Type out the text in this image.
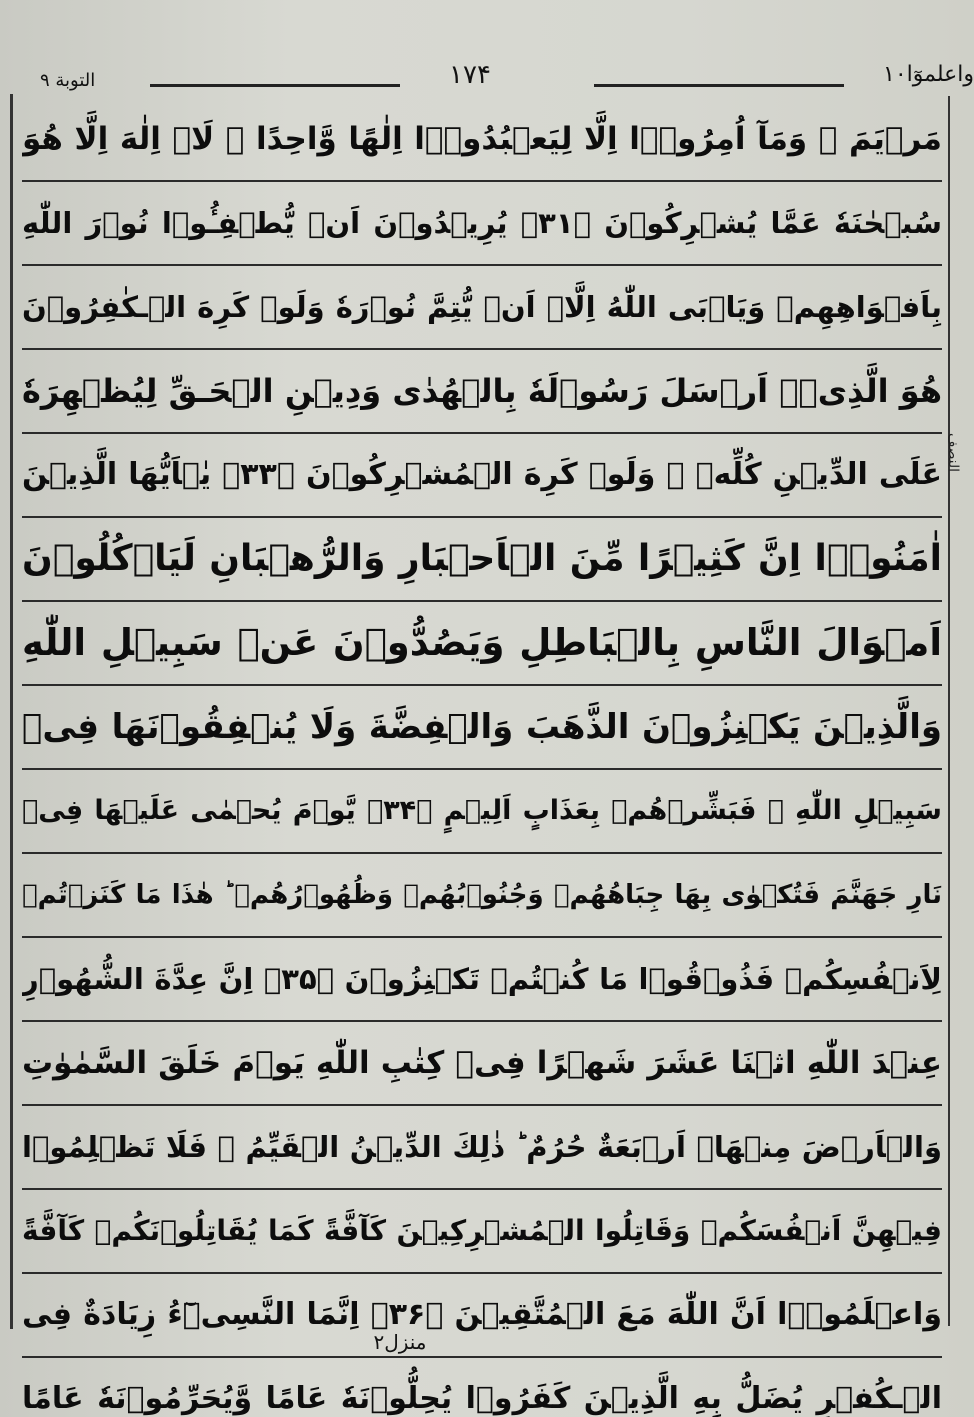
واعلموٓا۱۰
۱۷۴
التوبة ۹
النصف
مَرۡيَمَ ۚ وَمَآ اُمِرُوۡۤا اِلَّا لِيَعۡبُدُوۡۤا اِلٰهًا وَّاحِدًا ۚ لَاۤ اِلٰهَ اِلَّا هُوَ
سُبۡحٰنَهٗ عَمَّا يُشۡرِكُوۡنَ ﴿۳۱﴾ يُرِيۡدُوۡنَ اَنۡ يُّطۡفِـُٔوۡا نُوۡرَ اللّٰهِ
بِاَفۡوَاهِهِمۡ وَيَاۡبَى اللّٰهُ اِلَّاۤ اَنۡ يُّتِمَّ نُوۡرَهٗ وَلَوۡ كَرِهَ الۡـكٰفِرُوۡنَ
هُوَ الَّذِىۡۤ اَرۡسَلَ رَسُوۡلَهٗ بِالۡهُدٰى وَدِيۡنِ الۡحَـقِّ لِيُظۡهِرَهٗ
عَلَى الدِّيۡنِ كُلِّهٖ ۙ وَلَوۡ كَرِهَ الۡمُشۡرِكُوۡنَ ﴿۳۳﴾ يٰۤاَيُّهَا الَّذِيۡنَ
اٰمَنُوۡۤا اِنَّ كَثِيۡرًا مِّنَ الۡاَحۡبَارِ وَالرُّهۡبَانِ لَيَاۡكُلُوۡنَ
اَمۡوَالَ النَّاسِ بِالۡبَاطِلِ وَيَصُدُّوۡنَ عَنۡ سَبِيۡلِ اللّٰهِ
وَالَّذِيۡنَ يَكۡنِزُوۡنَ الذَّهَبَ وَالۡفِضَّةَ وَلَا يُنۡفِقُوۡنَهَا فِىۡ
سَبِيۡلِ اللّٰهِ ۙ فَبَشِّرۡهُمۡ بِعَذَابٍ اَلِيۡمٍ ﴿۳۴﴾ يَّوۡمَ يُحۡمٰى عَلَيۡهَا فِىۡ
نَارِ جَهَنَّمَ فَتُكۡوٰى بِهَا جِبَاهُهُمۡ وَجُنُوۡبُهُمۡ وَظُهُوۡرُهُمۡ ؕ هٰذَا مَا كَنَزۡتُمۡ
لِاَنۡفُسِكُمۡ فَذُوۡقُوۡا مَا كُنۡتُمۡ تَكۡنِزُوۡنَ ﴿۳۵﴾ اِنَّ عِدَّةَ الشُّهُوۡرِ
عِنۡدَ اللّٰهِ اثۡنَا عَشَرَ شَهۡرًا فِىۡ كِتٰبِ اللّٰهِ يَوۡمَ خَلَقَ السَّمٰوٰتِ
وَالۡاَرۡضَ مِنۡهَاۤ اَرۡبَعَةٌ حُرُمٌ ؕ ذٰلِكَ الدِّيۡنُ الۡقَيِّمُ ۙ فَلَا تَظۡلِمُوۡا
فِيۡهِنَّ اَنۡفُسَكُمۡ وَقَاتِلُوا الۡمُشۡرِكِيۡنَ كَآفَّةً كَمَا يُقَاتِلُوۡنَكُمۡ كَآفَّةً
وَاعۡلَمُوۡۤا اَنَّ اللّٰهَ مَعَ الۡمُتَّقِيۡنَ ﴿۳۶﴾ اِنَّمَا النَّسِىۡٓءُ زِيَادَةٌ فِى
الۡـكُفۡرِ يُضَلُّ بِهِ الَّذِيۡنَ كَفَرُوۡا يُحِلُّوۡنَهٗ عَامًا وَّيُحَرِّمُوۡنَهٗ عَامًا
منزل۲
